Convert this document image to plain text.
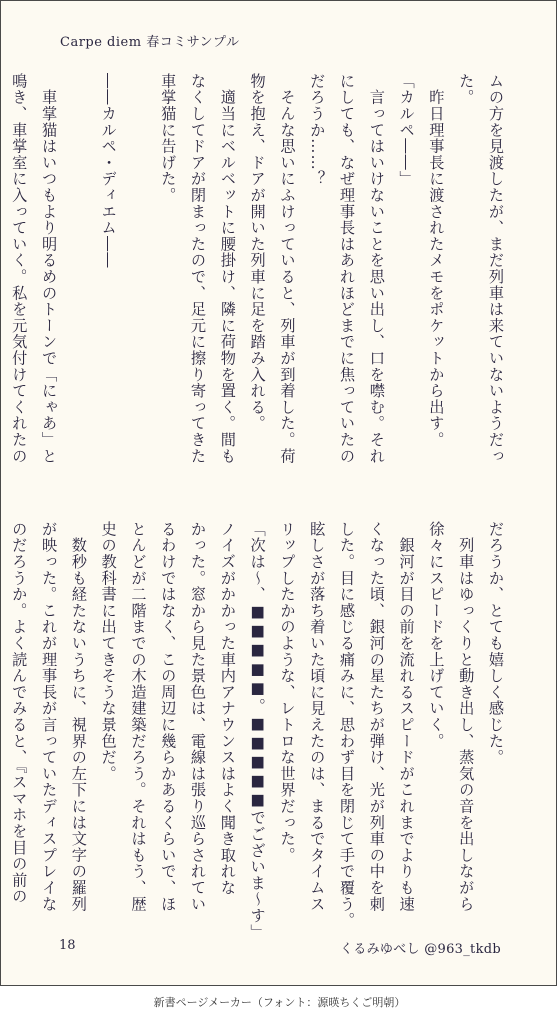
Carpe diem 春コミサンプル
ムの方を見渡したが、まだ列車は来ていないようだっ
た。
　昨日理事長に渡されたメモをポケットから出す。
「カルペ――」
　言ってはいけないことを思い出し、口を噤む。それ
にしても、なぜ理事長はあれほどまでに焦っていたの
だろうか……？
　そんな思いにふけっていると、列車が到着した。荷
物を抱え、ドアが開いた列車に足を踏み入れる。
　適当にベルベットに腰掛け、隣に荷物を置く。間も
なくしてドアが閉まったので、足元に擦り寄ってきた
車掌猫に告げた。

――カルペ・ディエム――

　車掌猫はいつもより明るめのトーンで「にゃあ」と
鳴き、車掌室に入っていく。私を元気付けてくれたの
だろうか、とても嬉しく感じた。
　列車はゆっくりと動き出し、蒸気の音を出しながら
徐々にスピードを上げていく。
　銀河が目の前を流れるスピードがこれまでよりも速
くなった頃、銀河の星たちが弾け、光が列車の中を刺
した。目に感じる痛みに、思わず目を閉じて手で覆う。
眩しさが落ち着いた頃に見えたのは、まるでタイムス
リップしたかのような、レトロな世界だった。
「次は～、■■■■■。■■■■■でございま～す」
ノイズがかかった車内アナウンスはよく聞き取れな
かった。窓から見た景色は、電線は張り巡らされてい
るわけではなく、この周辺に幾らかあるくらいで、ほ
とんどが二階までの木造建築だろう。それはもう、歴
史の教科書に出てきそうな景色だ。
　数秒も経たないうちに、視界の左下には文字の羅列
が映った。これが理事長が言っていたディスプレイな
のだろうか。よく読んでみると、『スマホを目の前の
18	くるみゆべし @963_tkdb
新書ページメーカー（フォント：源暎ちくご明朝）
